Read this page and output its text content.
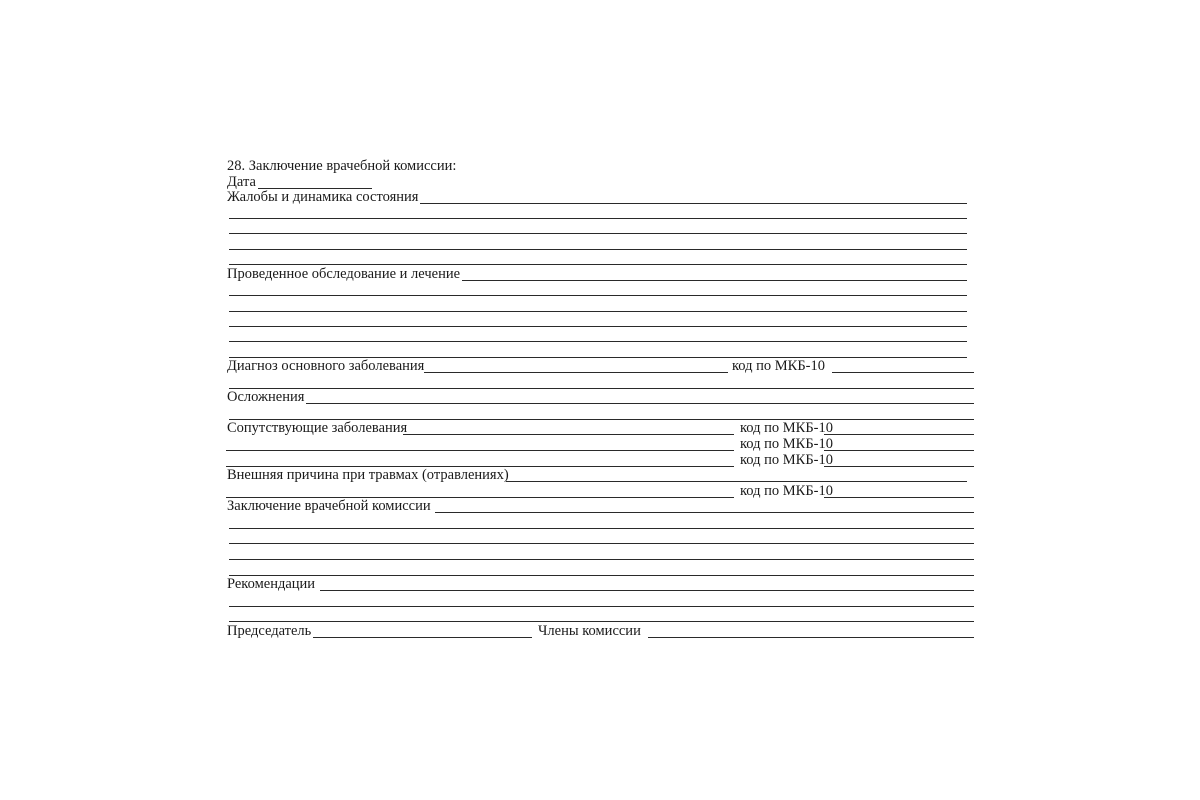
28. Заключение врачебной комиссии:
Дата
Жалобы и динамика состояния
Проведенное обследование и лечение
Диагноз основного заболевания	код по МКБ-10
Осложнения
Сопутствующие заболевания	код по МКБ-10
код по МКБ-10
код по МКБ-10
Внешняя причина при травмах (отравлениях)
код по МКБ-10
Заключение врачебной комиссии
Рекомендации
Председатель	Члены комиссии
